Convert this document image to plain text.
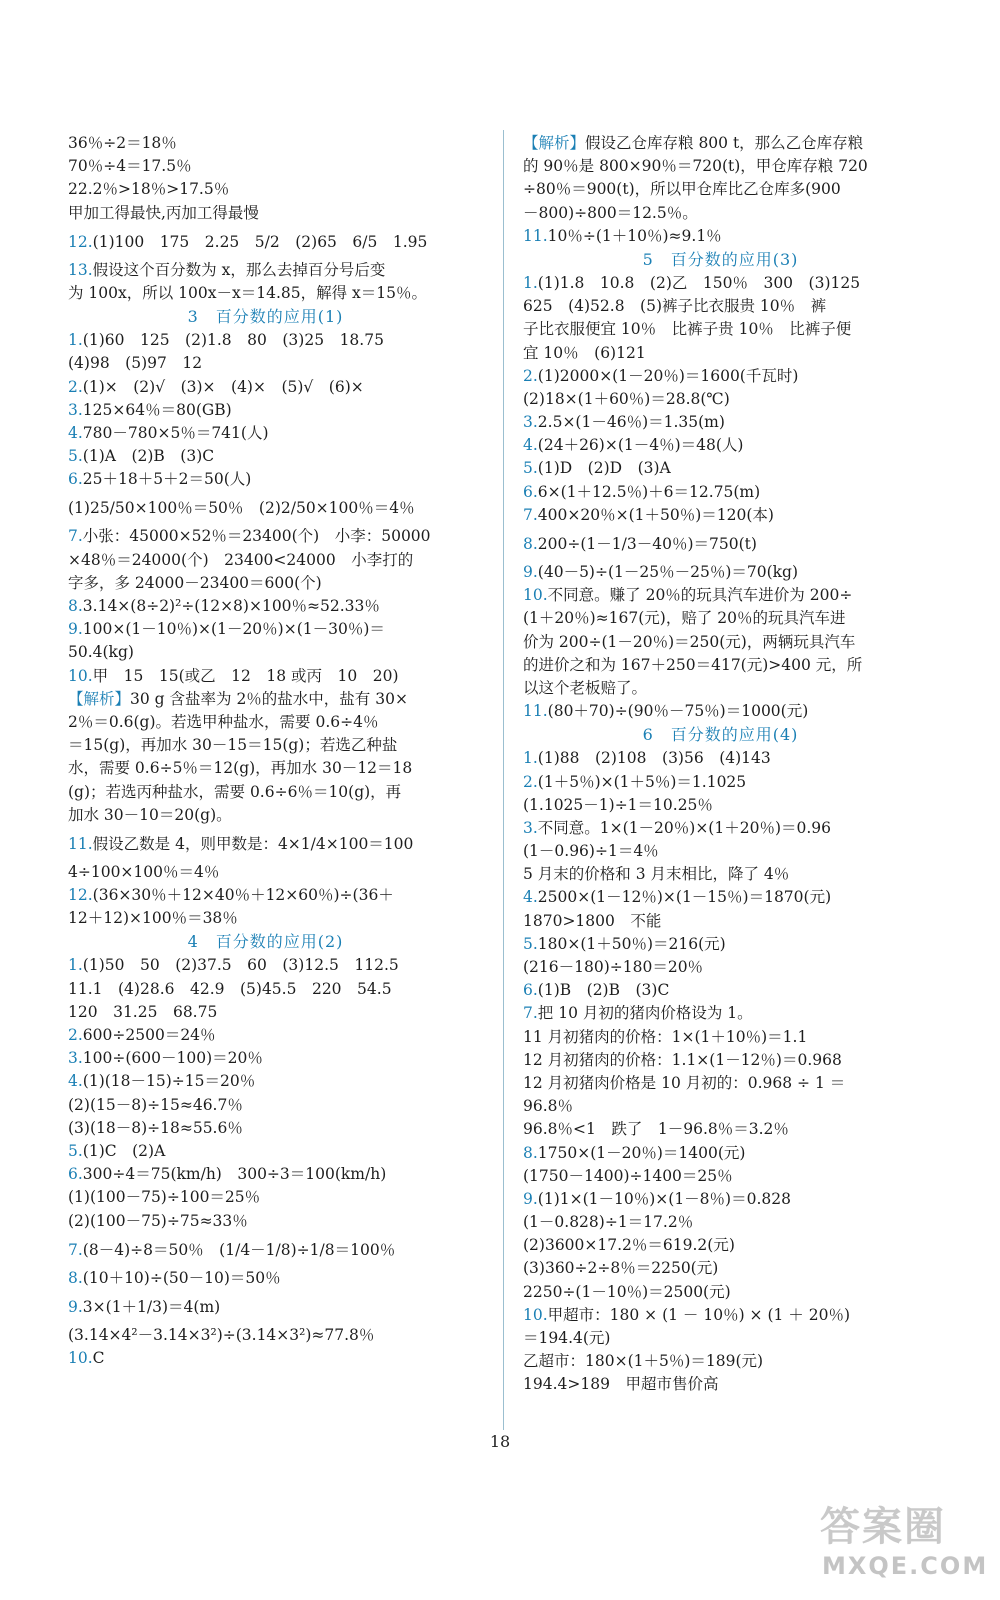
36％÷2＝18％
70％÷4＝17.5％
22.2％>18％>17.5％
甲加工得最快,丙加工得最慢
12.(1)100　175　2.25　5/2　(2)65　6/5　1.95
13.假设这个百分数为 x，那么去掉百分号后变
为 100x，所以 100x－x＝14.85，解得 x＝15％。
3　百分数的应用(1)
1.(1)60　125　(2)1.8　80　(3)25　18.75
(4)98　(5)97　12
2.(1)×　(2)√　(3)×　(4)×　(5)√　(6)×
3.125×64％＝80(GB)
4.780－780×5％＝741(人)
5.(1)A　(2)B　(3)C
6.25＋18＋5＋2＝50(人)
(1)25/50×100％＝50％　(2)2/50×100％＝4％
7.小张：45000×52％＝23400(个)　小李：50000
×48％＝24000(个)　23400<24000　小李打的
字多，多 24000－23400＝600(个)
8.3.14×(8÷2)²÷(12×8)×100％≈52.33％
9.100×(1－10％)×(1－20％)×(1－30％)＝
50.4(kg)
10.甲　15　15(或乙　12　18 或丙　10　20)
【解析】30 g 含盐率为 2％的盐水中，盐有 30×
2％＝0.6(g)。若选甲种盐水，需要 0.6÷4％
＝15(g)，再加水 30－15＝15(g)；若选乙种盐
水，需要 0.6÷5％＝12(g)，再加水 30－12＝18
(g)；若选丙种盐水，需要 0.6÷6％＝10(g)，再
加水 30－10＝20(g)。
11.假设乙数是 4，则甲数是：4×1/4×100＝100
4÷100×100％＝4％
12.(36×30％＋12×40％＋12×60％)÷(36＋
12＋12)×100％＝38％
4　百分数的应用(2)
1.(1)50　50　(2)37.5　60　(3)12.5　112.5
11.1　(4)28.6　42.9　(5)45.5　220　54.5
120　31.25　68.75
2.600÷2500＝24％
3.100÷(600－100)＝20％
4.(1)(18－15)÷15＝20％
(2)(15－8)÷15≈46.7％
(3)(18－8)÷18≈55.6％
5.(1)C　(2)A
6.300÷4＝75(km/h)　300÷3＝100(km/h)
(1)(100－75)÷100＝25％
(2)(100－75)÷75≈33％
7.(8－4)÷8＝50％　(1/4－1/8)÷1/8＝100％
8.(10＋10)÷(50－10)＝50％
9.3×(1＋1/3)＝4(m)
(3.14×4²－3.14×3²)÷(3.14×3²)≈77.8％
10.C
【解析】假设乙仓库存粮 800 t，那么乙仓库存粮
的 90％是 800×90％＝720(t)，甲仓库存粮 720
÷80％＝900(t)，所以甲仓库比乙仓库多(900
－800)÷800＝12.5％。
11.10％÷(1＋10％)≈9.1％
5　百分数的应用(3)
1.(1)1.8　10.8　(2)乙　150％　300　(3)125
625　(4)52.8　(5)裤子比衣服贵 10％　裤
子比衣服便宜 10％　比裤子贵 10％　比裤子便
宜 10％　(6)121
2.(1)2000×(1－20％)＝1600(千瓦时)
(2)18×(1＋60％)＝28.8(℃)
3.2.5×(1－46％)＝1.35(m)
4.(24＋26)×(1－4％)＝48(人)
5.(1)D　(2)D　(3)A
6.6×(1＋12.5％)＋6＝12.75(m)
7.400×20％×(1＋50％)＝120(本)
8.200÷(1－1/3－40％)＝750(t)
9.(40－5)÷(1－25％－25％)＝70(kg)
10.不同意。赚了 20％的玩具汽车进价为 200÷
(1＋20％)≈167(元)，赔了 20％的玩具汽车进
价为 200÷(1－20％)＝250(元)，两辆玩具汽车
的进价之和为 167＋250＝417(元)>400 元，所
以这个老板赔了。
11.(80＋70)÷(90％－75％)＝1000(元)
6　百分数的应用(4)
1.(1)88　(2)108　(3)56　(4)143
2.(1＋5％)×(1＋5％)＝1.1025
(1.1025－1)÷1＝10.25％
3.不同意。1×(1－20％)×(1＋20％)＝0.96
(1－0.96)÷1＝4％
5 月末的价格和 3 月末相比，降了 4％
4.2500×(1－12％)×(1－15％)＝1870(元)
1870>1800　不能
5.180×(1＋50％)＝216(元)
(216－180)÷180＝20％
6.(1)B　(2)B　(3)C
7.把 10 月初的猪肉价格设为 1。
11 月初猪肉的价格：1×(1＋10％)＝1.1
12 月初猪肉的价格：1.1×(1－12％)＝0.968
12 月初猪肉价格是 10 月初的：0.968 ÷ 1 ＝
96.8％
96.8％<1　跌了　1－96.8％＝3.2％
8.1750×(1－20％)＝1400(元)
(1750－1400)÷1400＝25％
9.(1)1×(1－10％)×(1－8％)＝0.828
(1－0.828)÷1＝17.2％
(2)3600×17.2％＝619.2(元)
(3)360÷2÷8％＝2250(元)
2250÷(1－10％)＝2500(元)
10.甲超市：180 × (1 － 10％) × (1 ＋ 20％)
＝194.4(元)
乙超市：180×(1＋5％)＝189(元)
194.4>189　甲超市售价高
18
答案圈
MXQE.COM
